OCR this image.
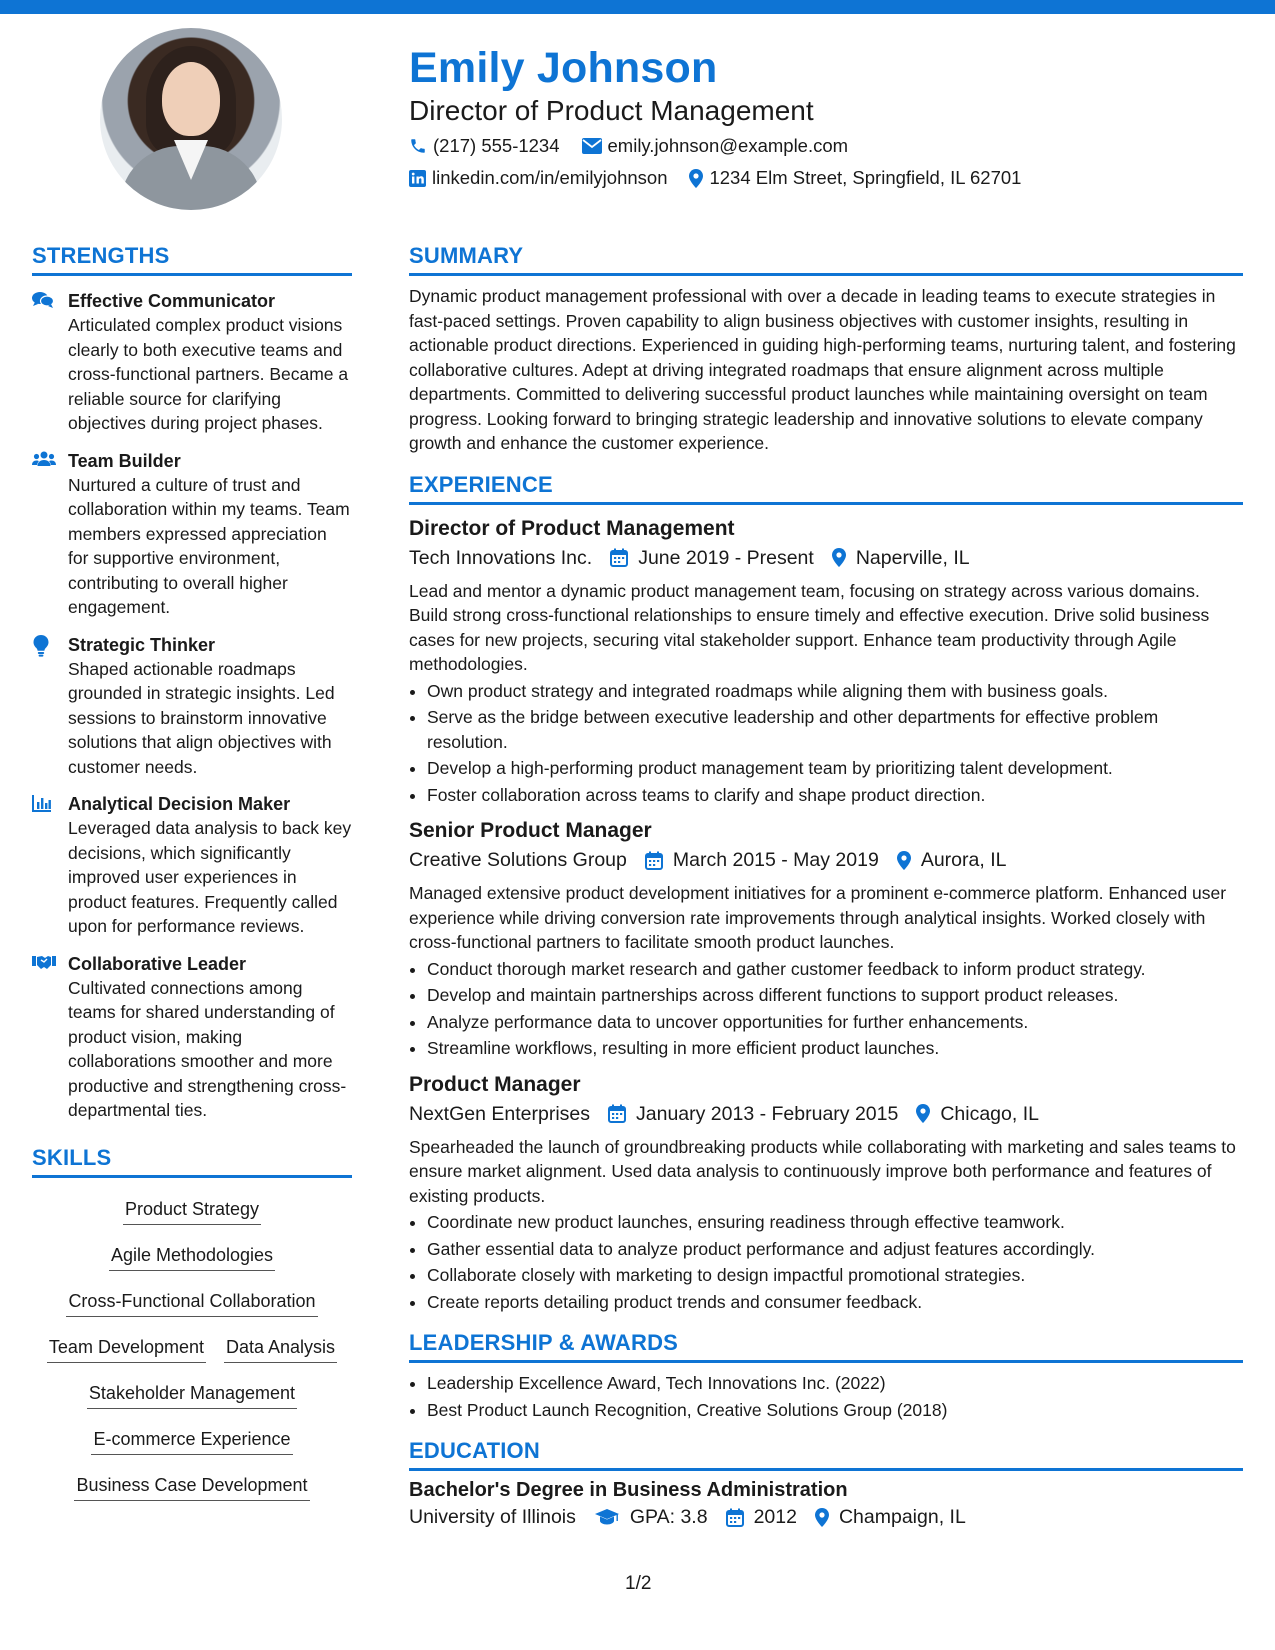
Emily Johnson
Director of Product Management
(217) 555-1234	emily.johnson@example.com
linkedin.com/in/emilyjohnson 1234 Elm Street, Springfield, IL 62701
STRENGTHS
Effective Communicator
Articulated complex product visions clearly to both executive teams and cross-functional partners. Became a reliable source for clarifying objectives during project phases.
Team Builder
Nurtured a culture of trust and collaboration within my teams. Team members expressed appreciation for supportive environment, contributing to overall higher engagement.
Strategic Thinker
Shaped actionable roadmaps grounded in strategic insights. Led sessions to brainstorm innovative solutions that align objectives with customer needs.
Analytical Decision Maker
Leveraged data analysis to back key decisions, which significantly improved user experiences in product features. Frequently called upon for performance reviews.
Collaborative Leader
Cultivated connections among teams for shared understanding of product vision, making collaborations smoother and more productive and strengthening cross-departmental ties.
SKILLS
Product Strategy
Agile Methodologies
Cross-Functional Collaboration
Team Development Data Analysis
Stakeholder Management
E-commerce Experience
Business Case Development
SUMMARY
Dynamic product management professional with over a decade in leading teams to execute strategies in fast-paced settings. Proven capability to align business objectives with customer insights, resulting in actionable product directions. Experienced in guiding high-performing teams, nurturing talent, and fostering collaborative cultures. Adept at driving integrated roadmaps that ensure alignment across multiple departments. Committed to delivering successful product launches while maintaining oversight on team progress. Looking forward to bringing strategic leadership and innovative solutions to elevate company growth and enhance the customer experience.
EXPERIENCE
Director of Product Management
Tech Innovations Inc. June 2019 - Present Naperville, IL
Lead and mentor a dynamic product management team, focusing on strategy across various domains. Build strong cross-functional relationships to ensure timely and effective execution. Drive solid business cases for new projects, securing vital stakeholder support. Enhance team productivity through Agile methodologies.
• Own product strategy and integrated roadmaps while aligning them with business goals.
• Serve as the bridge between executive leadership and other departments for effective problem resolution.
• Develop a high-performing product management team by prioritizing talent development.
• Foster collaboration across teams to clarify and shape product direction.
Senior Product Manager
Creative Solutions Group March 2015 - May 2019 Aurora, IL
Managed extensive product development initiatives for a prominent e-commerce platform. Enhanced user experience while driving conversion rate improvements through analytical insights. Worked closely with cross-functional partners to facilitate smooth product launches.
• Conduct thorough market research and gather customer feedback to inform product strategy.
• Develop and maintain partnerships across different functions to support product releases.
• Analyze performance data to uncover opportunities for further enhancements.
• Streamline workflows, resulting in more efficient product launches.
Product Manager
NextGen Enterprises January 2013 - February 2015 Chicago, IL
Spearheaded the launch of groundbreaking products while collaborating with marketing and sales teams to ensure market alignment. Used data analysis to continuously improve both performance and features of existing products.
• Coordinate new product launches, ensuring readiness through effective teamwork.
• Gather essential data to analyze product performance and adjust features accordingly.
• Collaborate closely with marketing to design impactful promotional strategies.
• Create reports detailing product trends and consumer feedback.
LEADERSHIP & AWARDS
• Leadership Excellence Award, Tech Innovations Inc. (2022)
• Best Product Launch Recognition, Creative Solutions Group (2018)
EDUCATION
Bachelor's Degree in Business Administration
University of Illinois	GPA: 3.8 2012 Champaign, IL
1/2
